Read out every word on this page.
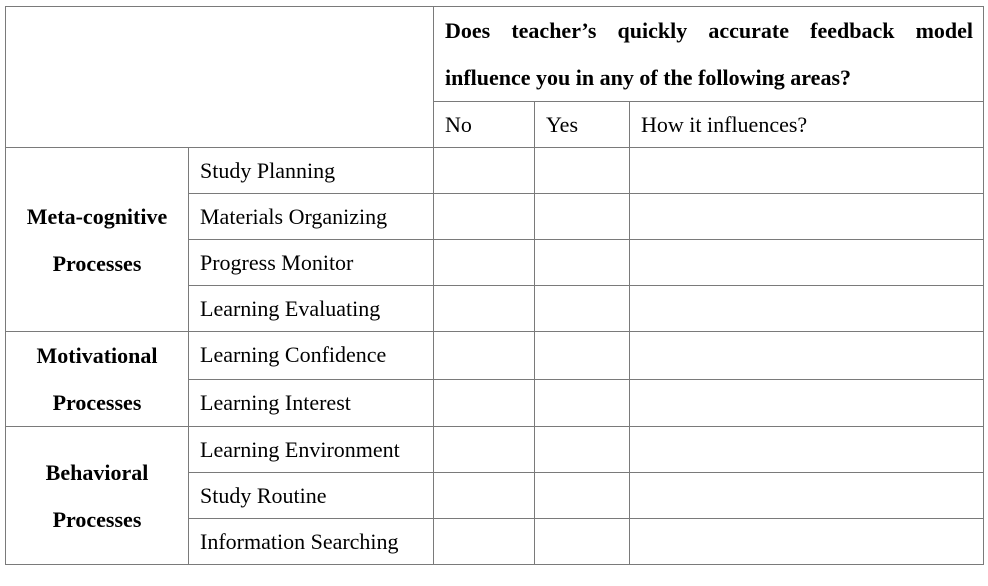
		Does teacher’s quickly accurate feedback model influence you in any of the following areas?		
		No	Yes	How it influences?
Meta-cognitive Processes	Study Planning			
	Materials Organizing			
	Progress Monitor			
	Learning Evaluating			
Motivational Processes	Learning Confidence			
	Learning Interest			
Behavioral Processes	Learning Environment			
	Study Routine			
	Information Searching			
